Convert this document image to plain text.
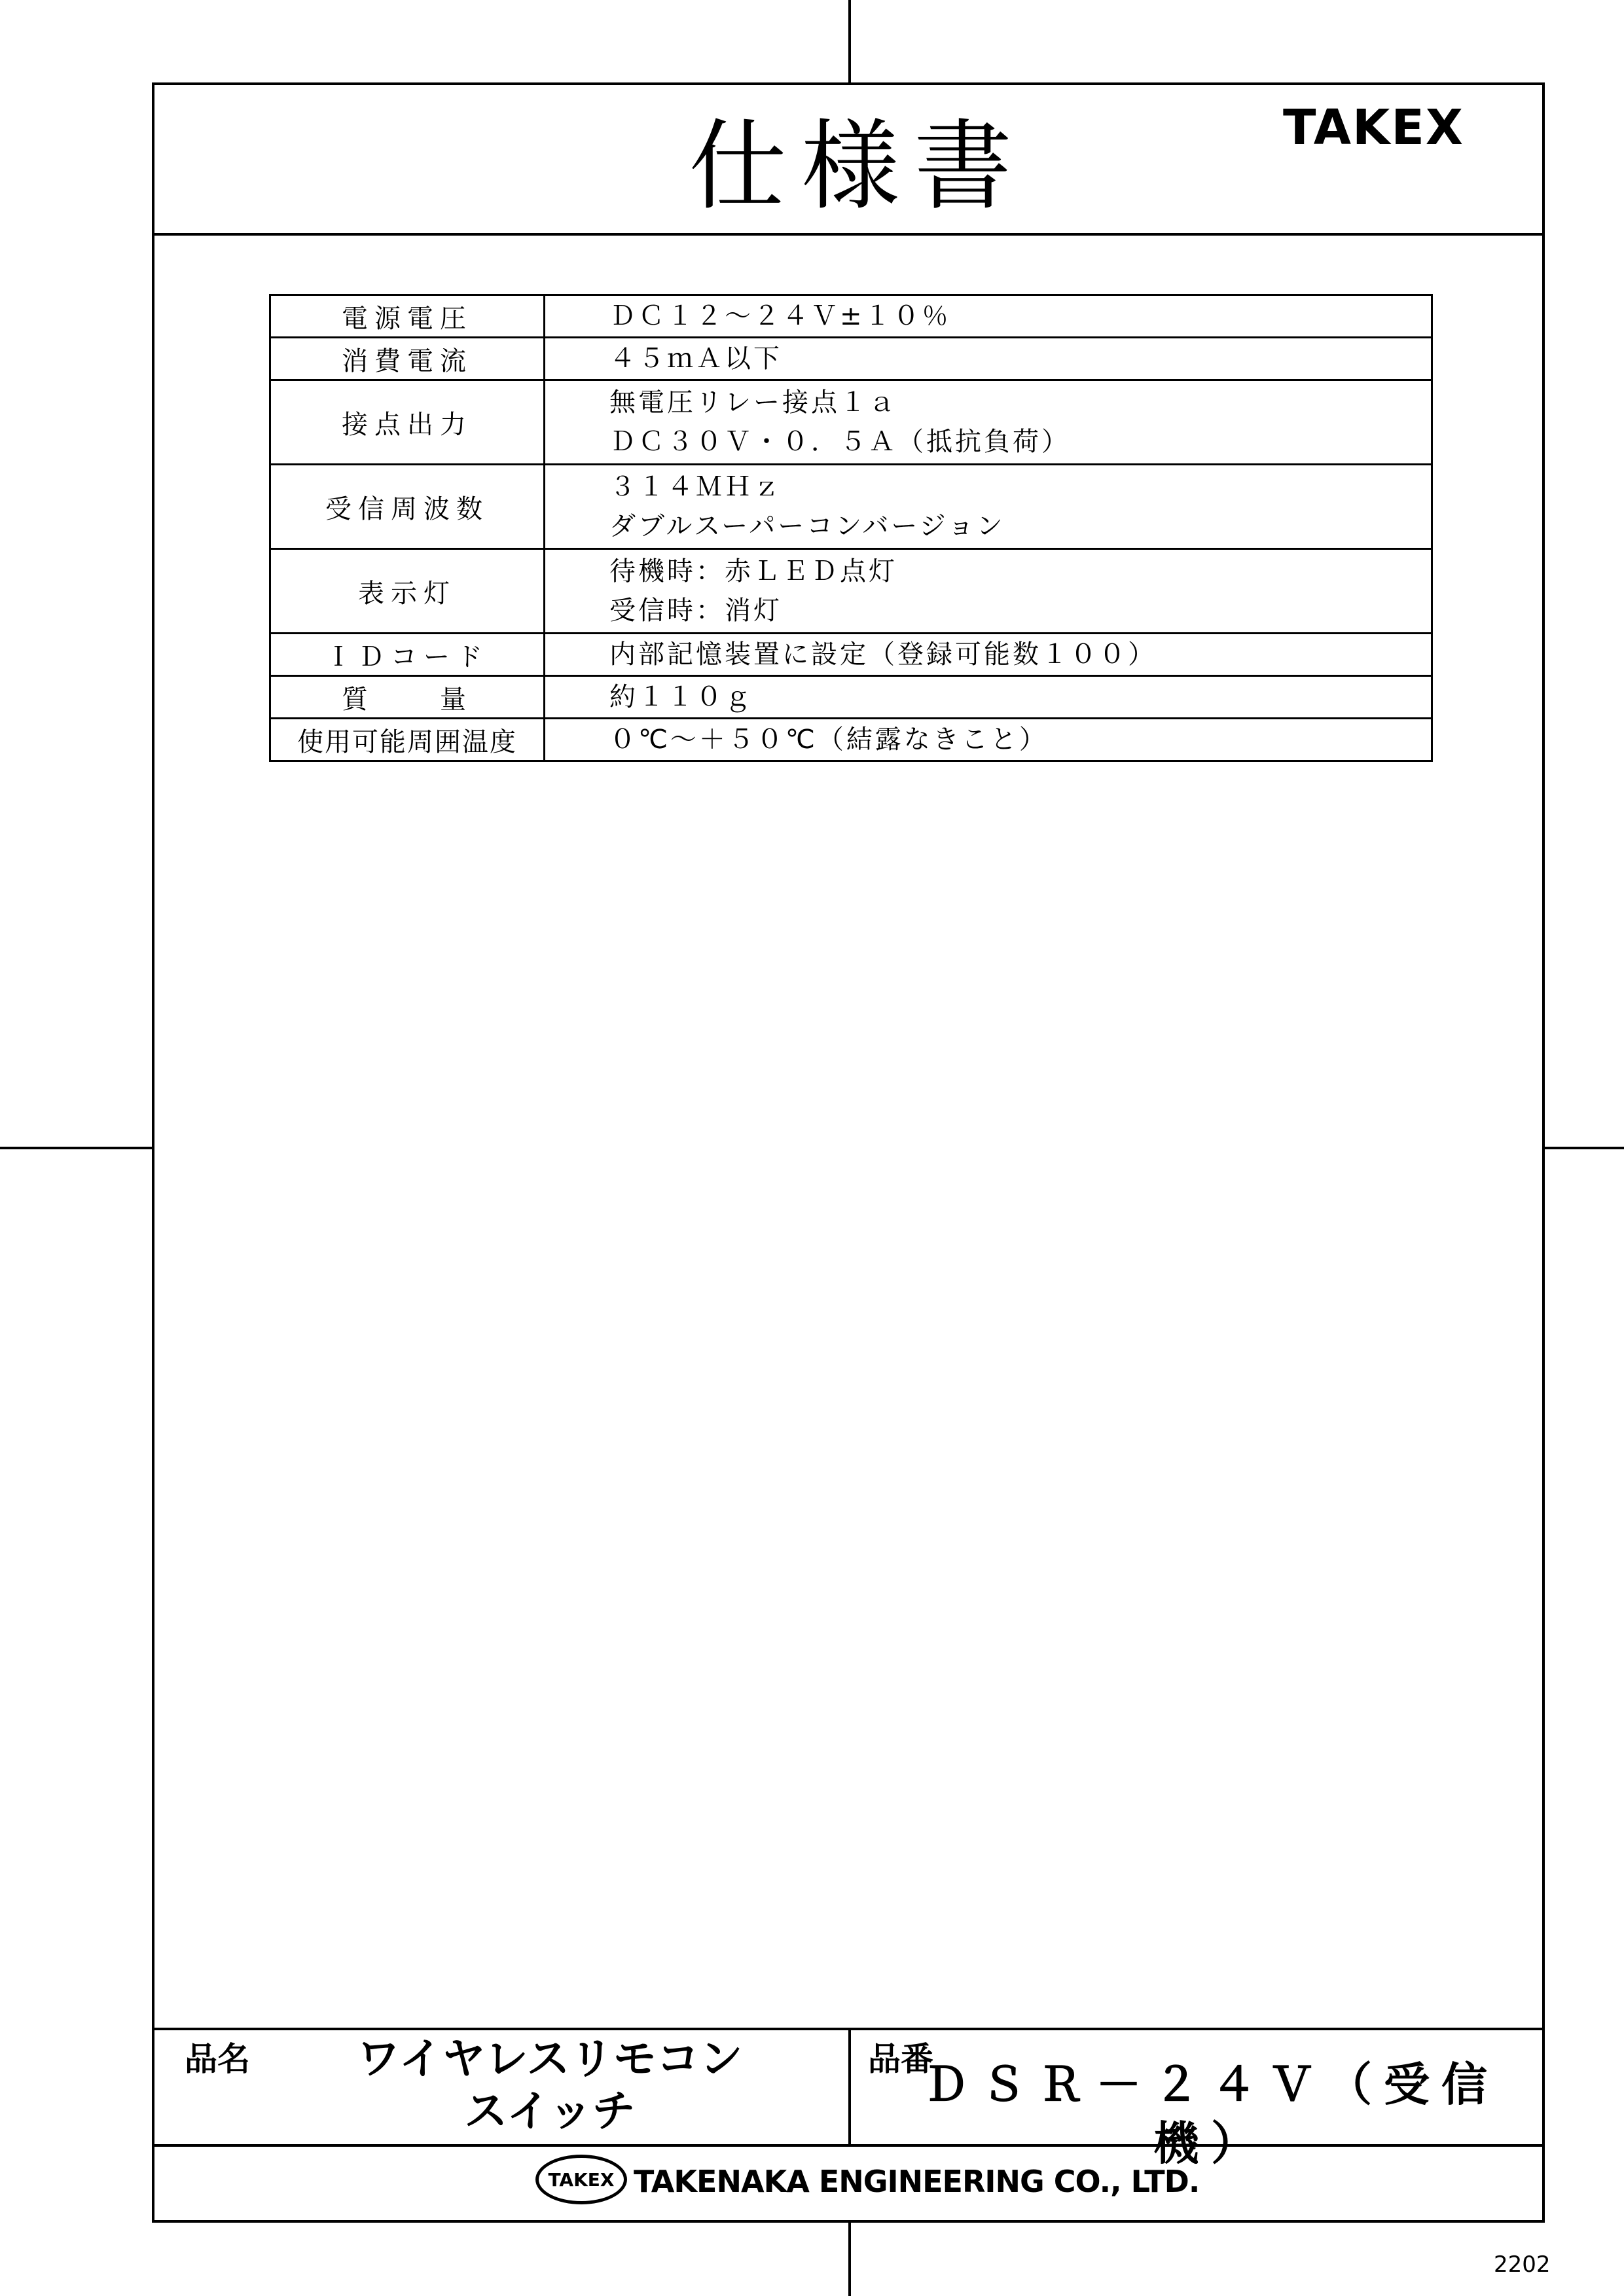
仕様書	TAKEX
電源電圧	ＤＣ１２～２４Ｖ±１０％

消費電流	４５ｍＡ以下

接点出力	無電圧リレー接点１ａ
ＤＣ３０Ｖ・０．５Ａ（抵抗負荷）

受信周波数	３１４ＭＨｚ
ダブルスーパーコンバージョン

表示灯	待機時：赤ＬＥＤ点灯
受信時：消灯

ＩＤコード	内部記憶装置に設定（登録可能数１００）

質　　量	約１１０ｇ

使用可能周囲温度	０℃～＋５０℃（結露なきこと）
品名	ワイヤレスリモコン
スイッチ
品番
ＤＳＲ－２４Ｖ（受信機）
TAKEX TAKENAKA ENGINEERING CO., LTD.
2202
